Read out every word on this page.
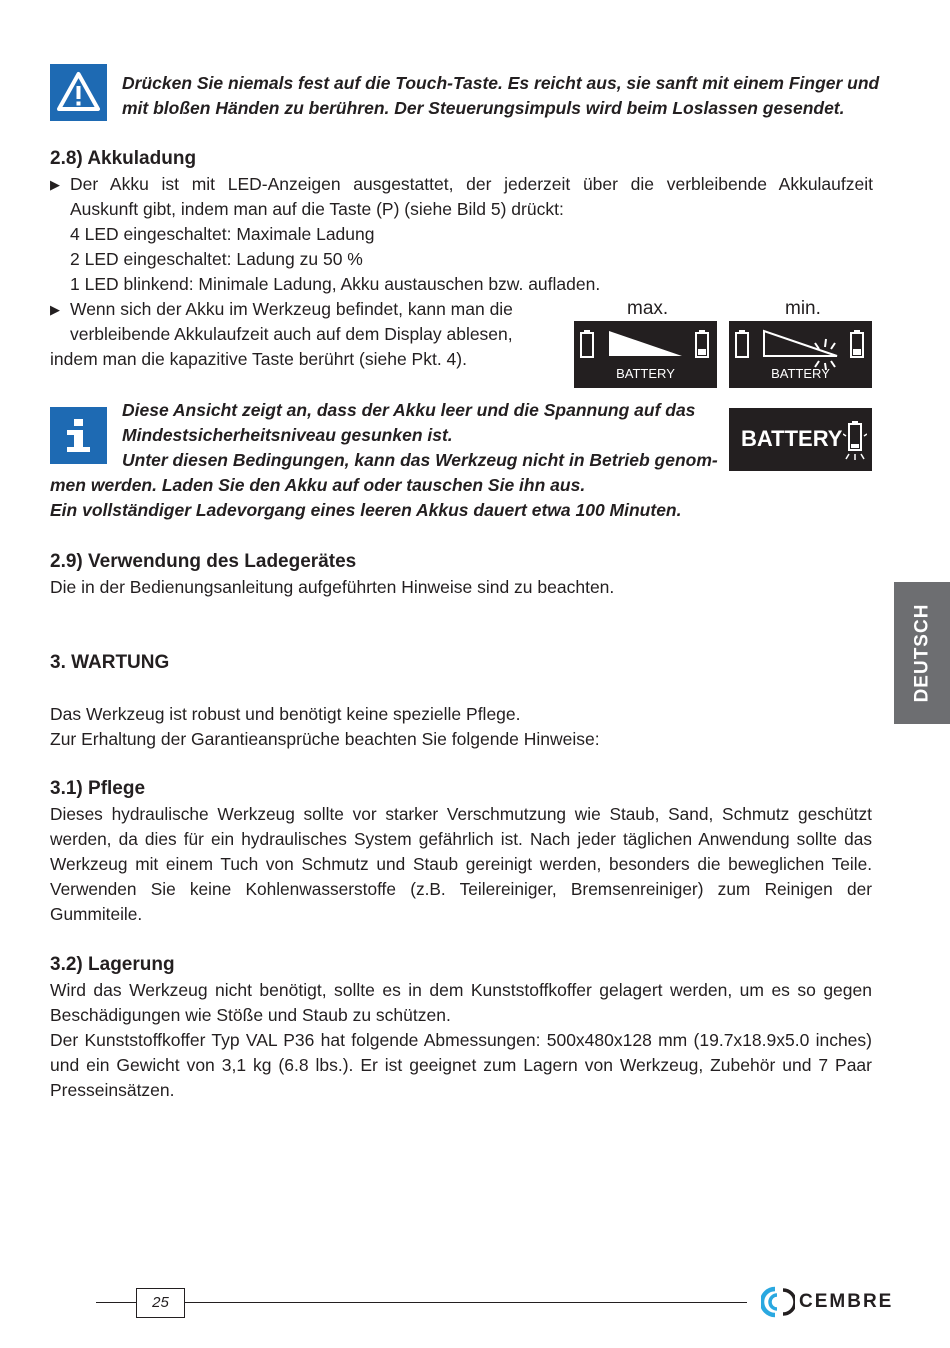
Drücken Sie niemals fest auf die Touch-Taste. Es reicht aus, sie sanft mit einem Finger und
mit bloßen Händen zu berühren. Der Steuerungsimpuls wird beim Loslassen gesendet.
2.8) Akkuladung
▶ Der Akku ist mit LED-Anzeigen ausgestattet, der jederzeit über die verbleibende Akkulaufzeit
Auskunft gibt, indem man auf die Taste (P) (siehe Bild 5) drückt:
4 LED eingeschaltet: Maximale Ladung
2 LED eingeschaltet: Ladung zu 50 %
1 LED blinkend: Minimale Ladung, Akku austauschen bzw. aufladen.
▶ Wenn sich der Akku im Werkzeug befindet, kann man die
verbleibende Akkulaufzeit auch auf dem Display ablesen,
indem man die kapazitive Taste berührt (siehe Pkt. 4).
max.
BATTERY
min.
BATTERY
Diese Ansicht zeigt an, dass der Akku leer und die Spannung auf das
Mindestsicherheitsniveau gesunken ist.
Unter diesen Bedingungen, kann das Werkzeug nicht in Betrieb genom-
men werden. Laden Sie den Akku auf oder tauschen Sie ihn aus.
Ein vollständiger Ladevorgang eines leeren Akkus dauert etwa 100 Minuten.
BATTERY
2.9) Verwendung des Ladegerätes
Die in der Bedienungsanleitung aufgeführten Hinweise sind zu beachten.
3. WARTUNG
Das Werkzeug ist robust und benötigt keine spezielle Pflege.
Zur Erhaltung der Garantieansprüche beachten Sie folgende Hinweise:
3.1) Pflege
Dieses hydraulische Werkzeug sollte vor starker Verschmutzung wie Staub, Sand, Schmutz geschützt werden, da dies für ein hydraulisches System gefährlich ist. Nach jeder täglichen Anwendung sollte das Werkzeug mit einem Tuch von Schmutz und Staub gereinigt werden, besonders die beweglichen Teile. Verwenden Sie keine Kohlenwasserstoffe (z.B. Teilereiniger, Bremsenreiniger) zum Reinigen der Gummiteile.
3.2) Lagerung
Wird das Werkzeug nicht benötigt, sollte es in dem Kunststoffkoffer gelagert werden, um es so gegen Beschädigungen wie Stöße und Staub zu schützen.
Der Kunststoffkoffer Typ VAL P36 hat folgende Abmessungen: 500x480x128 mm (19.7x18.9x5.0 inches) und ein Gewicht von 3,1 kg (6.8 lbs.). Er ist geeignet zum Lagern von Werkzeug, Zubehör und 7 Paar Presseinsätzen.
DEUTSCH
25	CEMBRE
